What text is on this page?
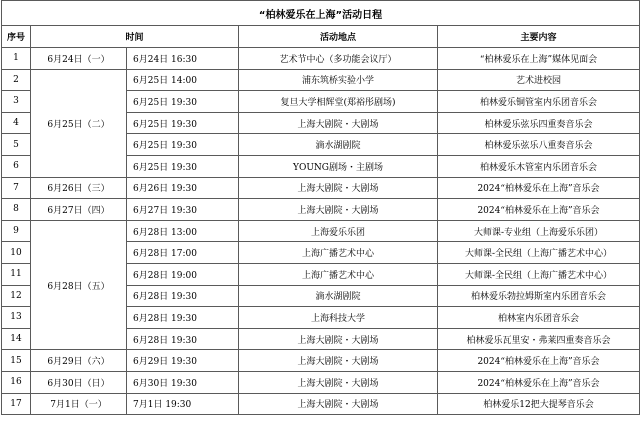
“柏林爱乐在上海”活动日程				
序号	时间		活动地点	主要内容
1	6月24日（一）	6月24日 16:30	艺术节中心（多功能会议厅）	“柏林爱乐在上海”媒体见面会
2	6月25日（二）	6月25日 14:00	浦东筑桥实验小学	艺术进校园
3		6月25日 19:30	复旦大学相辉堂(郑裕彤剧场)	柏林爱乐铜管室内乐团音乐会
4		6月25日 19:30	上海大剧院・大剧场	柏林爱乐弦乐四重奏音乐会
5		6月25日 19:30	滴水湖剧院	柏林爱乐弦乐八重奏音乐会
6		6月25日 19:30	YOUNG剧场・主剧场	柏林爱乐木管室内乐团音乐会
7	6月26日（三）	6月26日 19:30	上海大剧院・大剧场	2024“柏林爱乐在上海”音乐会
8	6月27日（四）	6月27日 19:30	上海大剧院・大剧场	2024“柏林爱乐在上海”音乐会
9	6月28日（五）	6月28日 13:00	上海爱乐乐团	大师课-专业组（上海爱乐乐团）
10		6月28日 17:00	上海广播艺术中心	大师课-全民组（上海广播艺术中心）
11		6月28日 19:00	上海广播艺术中心	大师课-全民组（上海广播艺术中心）
12		6月28日 19:30	滴水湖剧院	柏林爱乐勃拉姆斯室内乐团音乐会
13		6月28日 19:30	上海科技大学	柏林室内乐团音乐会
14		6月28日 19:30	上海大剧院・大剧场	柏林爱乐瓦里安・弗莱四重奏音乐会
15	6月29日（六）	6月29日 19:30	上海大剧院・大剧场	2024“柏林爱乐在上海”音乐会
16	6月30日（日）	6月30日 19:30	上海大剧院・大剧场	2024“柏林爱乐在上海”音乐会
17	7月1日（一）	7月1日 19:30	上海大剧院・大剧场	柏林爱乐12把大提琴音乐会
